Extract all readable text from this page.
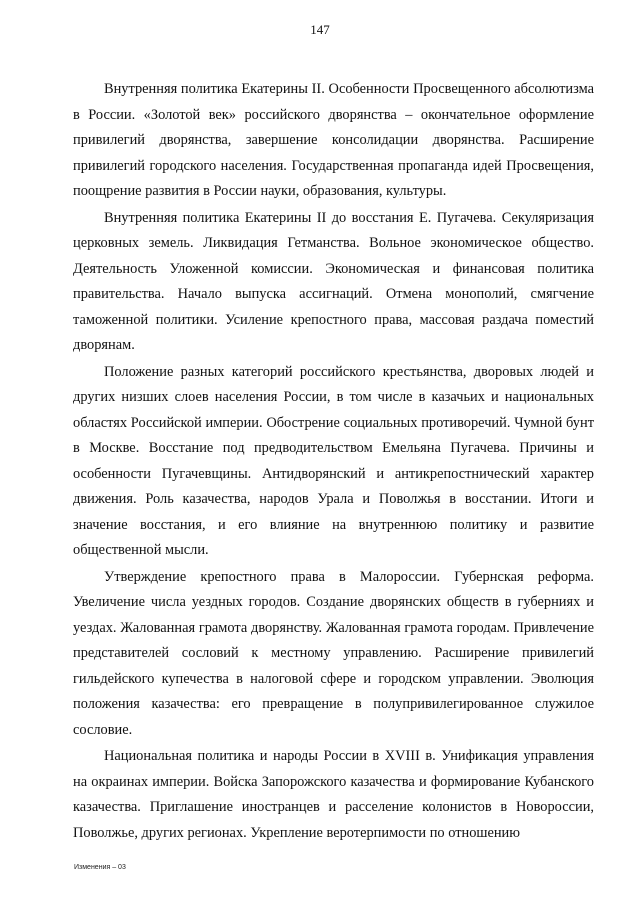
147

Внутренняя политика Екатерины II. Особенности Просвещенного абсолютизма в России. «Золотой век» российского дворянства – окончательное оформление привилегий дворянства, завершение консолидации дворянства. Расширение привилегий городского населения. Государственная пропаганда идей Просвещения, поощрение развития в России науки, образования, культуры.

Внутренняя политика Екатерины II до восстания Е. Пугачева. Секуляризация церковных земель. Ликвидация Гетманства. Вольное экономическое общество. Деятельность Уложенной комиссии. Экономическая и финансовая политика правительства. Начало выпуска ассигнаций. Отмена монополий, смягчение таможенной политики. Усиление крепостного права, массовая раздача поместий дворянам.

Положение разных категорий российского крестьянства, дворовых людей и других низших слоев населения России, в том числе в казачьих и национальных областях Российской империи. Обострение социальных противоречий. Чумной бунт в Москве. Восстание под предводительством Емельяна Пугачева. Причины и особенности Пугачевщины. Антидворянский и антикрепостнический характер движения. Роль казачества, народов Урала и Поволжья в восстании. Итоги и значение восстания, и его влияние на внутреннюю политику и развитие общественной мысли.

Утверждение крепостного права в Малороссии. Губернская реформа. Увеличение числа уездных городов. Создание дворянских обществ в губерниях и уездах. Жалованная грамота дворянству. Жалованная грамота городам. Привлечение представителей сословий к местному управлению. Расширение привилегий гильдейского купечества в налоговой сфере и городском управлении. Эволюция положения казачества: его превращение в полупривилегированное служилое сословие.

Национальная политика и народы России в XVIII в. Унификация управления на окраинах империи. Войска Запорожского казачества и формирование Кубанского казачества. Приглашение иностранцев и расселение колонистов в Новороссии, Поволжье, других регионах. Укрепление веротерпимости по отношению

Изменения – 03
